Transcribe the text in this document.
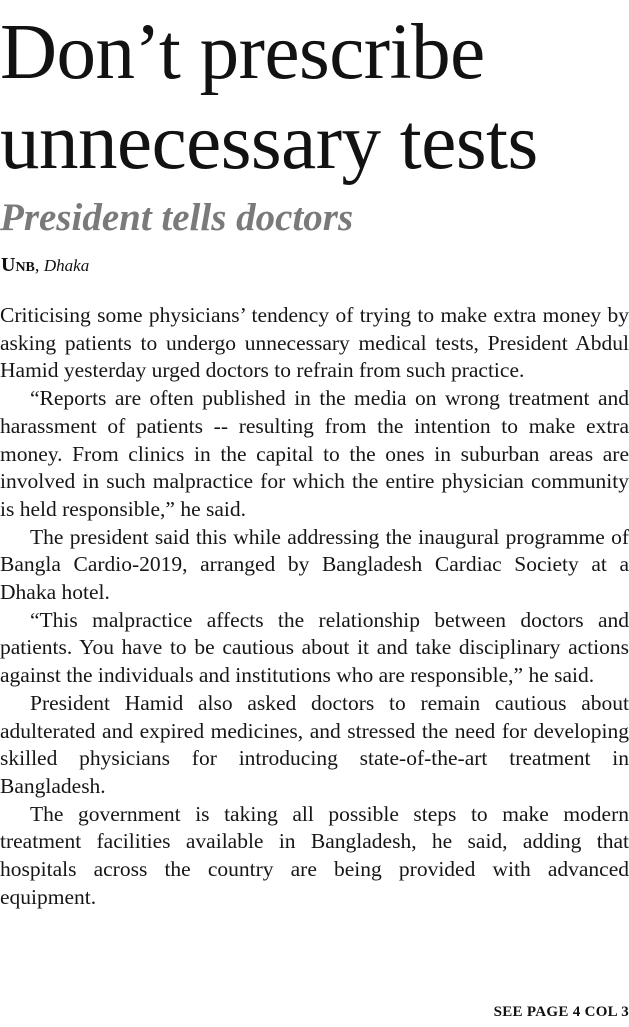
Don’t prescribe
unnecessary tests
President tells doctors
Unb, Dhaka

Criticising some physicians’ tendency of trying to make extra money by asking patients to undergo unnecessary medical tests, President Abdul Hamid yesterday urged doctors to refrain from such practice.

“Reports are often published in the media on wrong treatment and harassment of patients -- resulting from the intention to make extra money. From clinics in the capital to the ones in suburban areas are involved in such malpractice for which the entire physician community is held responsible,” he said.

The president said this while addressing the inaugural programme of Bangla Cardio-2019, arranged by Bangladesh Cardiac Society at a Dhaka hotel.

“This malpractice affects the relationship between doctors and patients. You have to be cautious about it and take disciplinary actions against the individuals and institutions who are responsible,” he said.

President Hamid also asked doctors to remain cautious about adulterated and expired medicines, and stressed the need for developing skilled physicians for introducing state-of-the-art treatment in Bangladesh.

The government is taking all possible steps to make modern treatment facilities available in Bangladesh, he said, adding that hospitals across the country are being provided with advanced equipment.

SEE PAGE 4 COL 3
